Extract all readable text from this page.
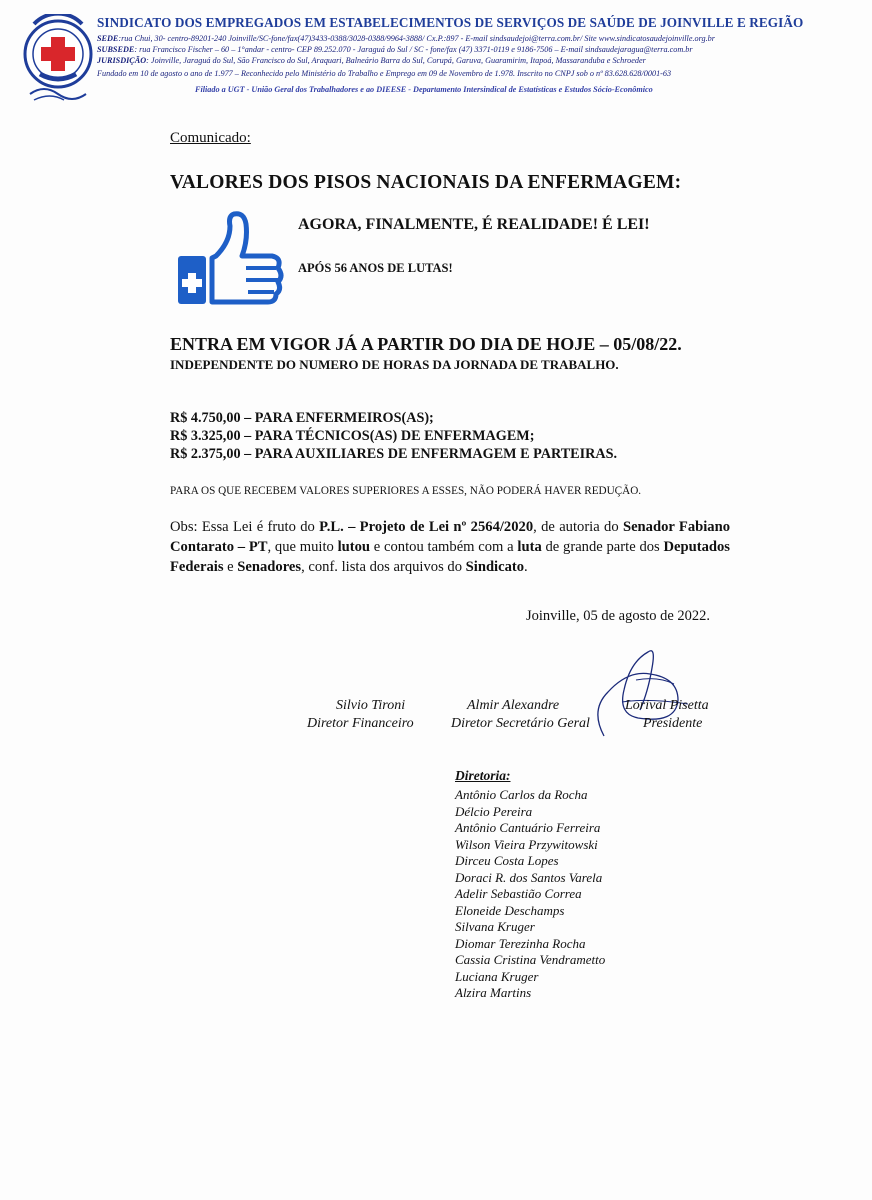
SINDICATO DOS EMPREGADOS EM ESTABELECIMENTOS DE SERVIÇOS DE SAÚDE DE JOINVILLE E REGIÃO
SEDE:rua Chui, 30- centro-89201-240 Joinville/SC-fone/fax(47)3433-0388/3028-0388/9964-3888/ Cx.P.:897 - E-mail sindsaudejoi@terra.com.br/ Site www.sindicatosaudejoinville.org.br
SUBSEDE: rua Francisco Fischer – 60 – 1°andar - centro- CEP 89.252.070 - Jaraguá do Sul / SC - fone/fax (47) 3371-0119 e 9186-7506 – E-mail sindsaudejaragua@terra.com.br
JURISDIÇÃO: Joinville, Jaraguá do Sul, São Francisco do Sul, Araquari, Balneário Barra do Sul, Corupá, Garuva, Guaramirim, Itapoá, Massaranduba e Schroeder
Fundado em 10 de agosto o ano de 1.977 – Reconhecido pelo Ministério do Trabalho e Emprego em 09 de Novembro de 1.978. Inscrito no CNPJ sob o nº 83.628.628/0001-63
Filiado a UGT - União Geral dos Trabalhadores e ao DIEESE - Departamento Intersindical de Estatísticas e Estudos Sócio-Econômico
Comunicado:
VALORES DOS PISOS NACIONAIS DA ENFERMAGEM:
AGORA, FINALMENTE, É REALIDADE! É LEI!
APÓS 56 ANOS DE LUTAS!
ENTRA EM VIGOR JÁ A PARTIR DO DIA DE HOJE – 05/08/22.
INDEPENDENTE DO NUMERO DE HORAS DA JORNADA DE TRABALHO.
R$ 4.750,00 – PARA ENFERMEIROS(AS);
R$ 3.325,00 – PARA TÉCNICOS(AS) DE ENFERMAGEM;
R$ 2.375,00 – PARA AUXILIARES DE ENFERMAGEM E PARTEIRAS.
PARA OS QUE RECEBEM VALORES SUPERIORES A ESSES, NÃO PODERÁ HAVER REDUÇÃO.
Obs: Essa Lei é fruto do P.L. – Projeto de Lei nº 2564/2020, de autoria do Senador Fabiano Contarato – PT, que muito lutou e contou também com a luta de grande parte dos Deputados Federais e Senadores, conf. lista dos arquivos do Sindicato.
Joinville, 05 de agosto de 2022.
Silvio Tironi
Diretor Financeiro
Almir Alexandre
Diretor Secretário Geral
Lorival Pisetta
Presidente
Diretoria:
Antônio Carlos da Rocha
Délcio Pereira
Antônio Cantuário Ferreira
Wilson Vieira Przywitowski
Dirceu Costa Lopes
Doraci R. dos Santos Varela
Adelir Sebastião Correa
Eloneide Deschamps
Silvana Kruger
Diomar Terezinha Rocha
Cassia Cristina Vendrametto
Luciana Kruger
Alzira Martins
